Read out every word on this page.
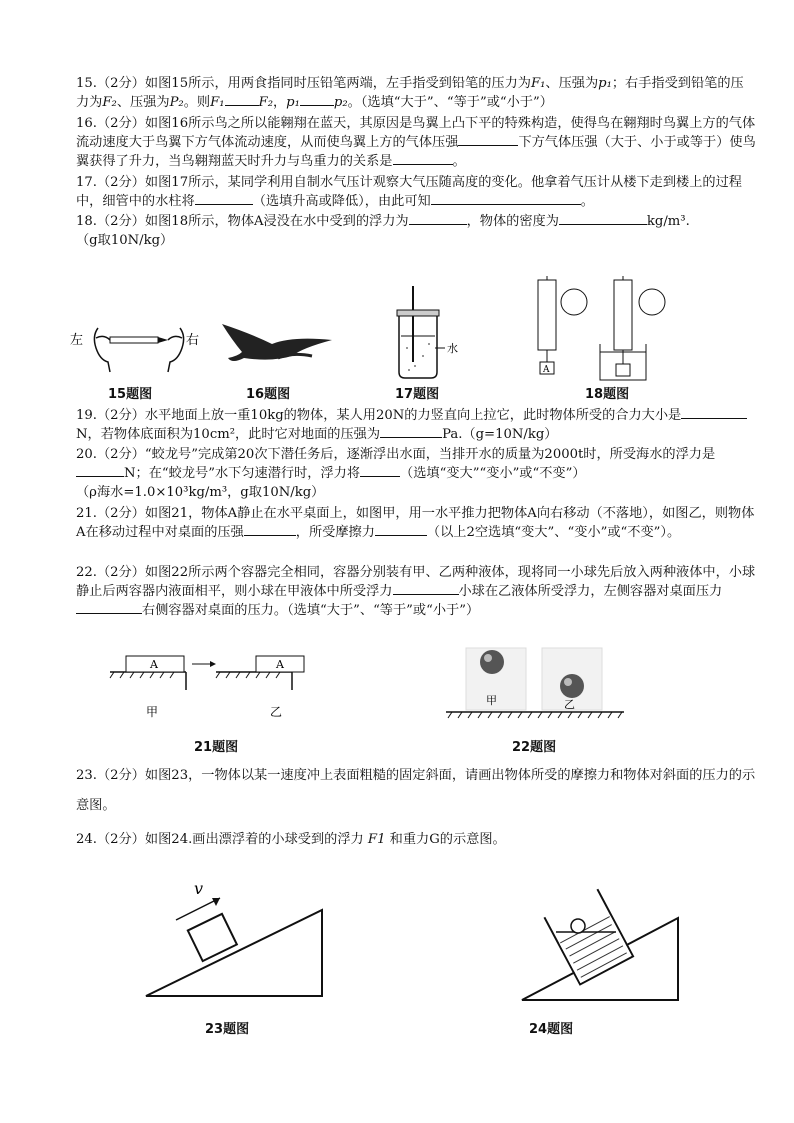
15.（2分）如图15所示，用两食指同时压铅笔两端，左手指受到铅笔的压力为F₁、压强为p₁；右手指受到铅笔的压力为F₂、压强为P₂。则F₁	F₂，p₁	p₂。（选填“大于”、“等于”或“小于”）
16.（2分）如图16所示鸟之所以能翱翔在蓝天，其原因是鸟翼上凸下平的特殊构造，使得鸟在翱翔时鸟翼上方的气体流动速度大于鸟翼下方气体流动速度，从而使鸟翼上方的气体压强	下方气体压强（大于、小于或等于）使鸟翼获得了升力，当鸟翱翔蓝天时升力与鸟重力的关系是	。
17.（2分）如图17所示，某同学利用自制水气压计观察大气压随高度的变化。他拿着气压计从楼下走到楼上的过程中，细管中的水柱将	（选填升高或降低），由此可知	。
18.（2分）如图18所示，物体A浸没在水中受到的浮力为	，物体的密度为	kg/m³.
（g取10N/kg）
左	右
水
A
15题图	16题图	17题图	18题图
19.（2分）水平地面上放一重10kg的物体，某人用20N的力竖直向上拉它，此时物体所受的合力大小是N，若物体底面积为10cm²，此时它对地面的压强为	Pa.（g=10N/kg）
20.（2分）“蛟龙号”完成第20次下潜任务后，逐渐浮出水面，当排开水的质量为2000t时，所受海水的浮力是N；在“蛟龙号”水下匀速潜行时，浮力将	（选填“变大”“变小”或“不变”）
（ρ海水=1.0×10³kg/m³，g取10N/kg）
21.（2分）如图21，物体A静止在水平桌面上，如图甲，用一水平推力把物体A向右移动（不落地），如图乙，则物体A在移动过程中对桌面的压强	，所受摩擦力	（以上2空选填“变大”、“变小”或“不变”）。
22.（2分）如图22所示两个容器完全相同，容器分别装有甲、乙两种液体，现将同一小球先后放入两种液体中，小球静止后两容器内液面相平，则小球在甲液体中所受浮力	小球在乙液体所受浮力，左侧容器对桌面压力右侧容器对桌面的压力。（选填“大于”、“等于”或“小于”）
A	A
甲	乙
21题图
甲	乙
22题图
23.（2分）如图23，一物体以某一速度冲上表面粗糙的固定斜面，请画出物体所受的摩擦力和物体对斜面的压力的示意图。
24.（2分）如图24.画出漂浮着的小球受到的浮力 F1 和重力G的示意图。
v
23题图	24题图
